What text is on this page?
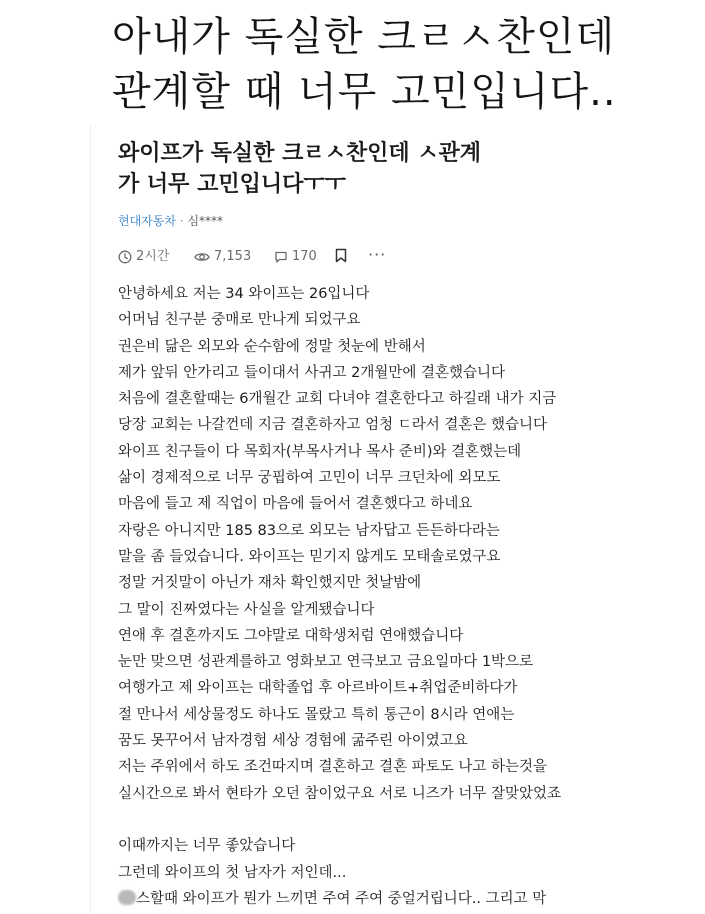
아내가 독실한 크ㄹㅅ찬인데
관계할 때 너무 고민입니다..
와이프가 독실한 크ㄹㅅ찬인데 ㅅ관계
가 너무 고민입니다ㅜㅜ
현대자동차 · 심****
2시간	7,153	170	···
안녕하세요 저는 34 와이프는 26입니다
어머님 친구분 중매로 만나게 되었구요
권은비 닮은 외모와 순수함에 정말 첫눈에 반해서
제가 앞뒤 안가리고 들이대서 사귀고 2개월만에 결혼했습니다
처음에 결혼할때는 6개월간 교회 다녀야 결혼한다고 하길래 내가 지금
당장 교회는 나갈껀데 지금 결혼하자고 엄청 ㄷ라서 결혼은 했습니다
와이프 친구들이 다 목회자(부목사거나 목사 준비)와 결혼했는데
삶이 경제적으로 너무 궁핍하여 고민이 너무 크던차에 외모도
마음에 들고 제 직업이 마음에 들어서 결혼했다고 하네요
자랑은 아니지만 185 83으로 외모는 남자답고 든든하다라는
말을 좀 들었습니다. 와이프는 믿기지 않게도 모태솔로였구요
정말 거짓말이 아닌가 재차 확인했지만 첫날밤에
그 말이 진짜였다는 사실을 알게됐습니다
연애 후 결혼까지도 그야말로 대학생처럼 연애했습니다
눈만 맞으면 성관계를하고 영화보고 연극보고 금요일마다 1박으로
여행가고 제 와이프는 대학졸업 후 아르바이트+취업준비하다가
절 만나서 세상물정도 하나도 몰랐고 특히 통근이 8시라 연애는
꿈도 못꾸어서 남자경험 세상 경험에 굶주린 아이였고요
저는 주위에서 하도 조건따지며 결혼하고 결혼 파토도 나고 하는것을
실시간으로 봐서 현타가 오던 참이었구요 서로 니즈가 너무 잘맞았었죠
이때까지는 너무 좋았습니다
그런데 와이프의 첫 남자가 저인데...
스할때 와이프가 뭔가 느끼면 주여 주여 중얼거립니다.. 그리고 막
